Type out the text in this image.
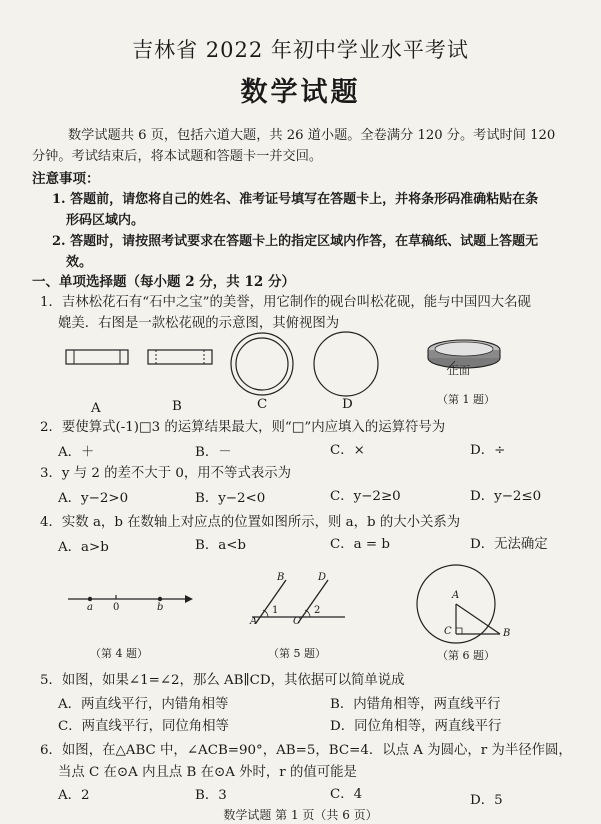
吉林省 2022 年初中学业水平考试
数学试题
数学试题共 6 页，包括六道大题，共 26 道小题。全卷满分 120 分。考试时间 120
分钟。考试结束后，将本试题和答题卡一并交回。
注意事项：
1. 答题前，请您将自己的姓名、准考证号填写在答题卡上，并将条形码准确粘贴在条
形码区域内。
2. 答题时，请按照考试要求在答题卡上的指定区域内作答，在草稿纸、试题上答题无
效。
一、单项选择题（每小题 2 分，共 12 分）
1．吉林松花石有“石中之宝”的美誉，用它制作的砚台叫松花砚，能与中国四大名砚
媲美．右图是一款松花砚的示意图，其俯视图为
正面
（第 1 题）
A	B	C	D
2．要使算式(-1)□3 的运算结果最大，则“□”内应填入的运算符号为
A．＋	B．－	C．×	D．÷
3．y 与 2 的差不大于 0，用不等式表示为
A．y−2>0	B．y−2<0	C．y−2≥0	D．y−2≤0
4．实数 a，b 在数轴上对应点的位置如图所示，则 a，b 的大小关系为
A．a>b	B．a<b	C．a = b	D．无法确定
a 0	b
（第 4 题）
B	D
A
1
C
2
（第 5 题）
A
C	B
（第 6 题）
5．如图，如果∠1=∠2，那么 AB∥CD，其依据可以简单说成
A．两直线平行，内错角相等	B．内错角相等，两直线平行
C．两直线平行，同位角相等	D．同位角相等，两直线平行
6．如图，在△ABC 中，∠ACB=90°，AB=5，BC=4．以点 A 为圆心，r 为半径作圆，
当点 C 在⊙A 内且点 B 在⊙A 外时，r 的值可能是
A．2	B．3	C．4	D．5
数学试题 第 1 页（共 6 页）
